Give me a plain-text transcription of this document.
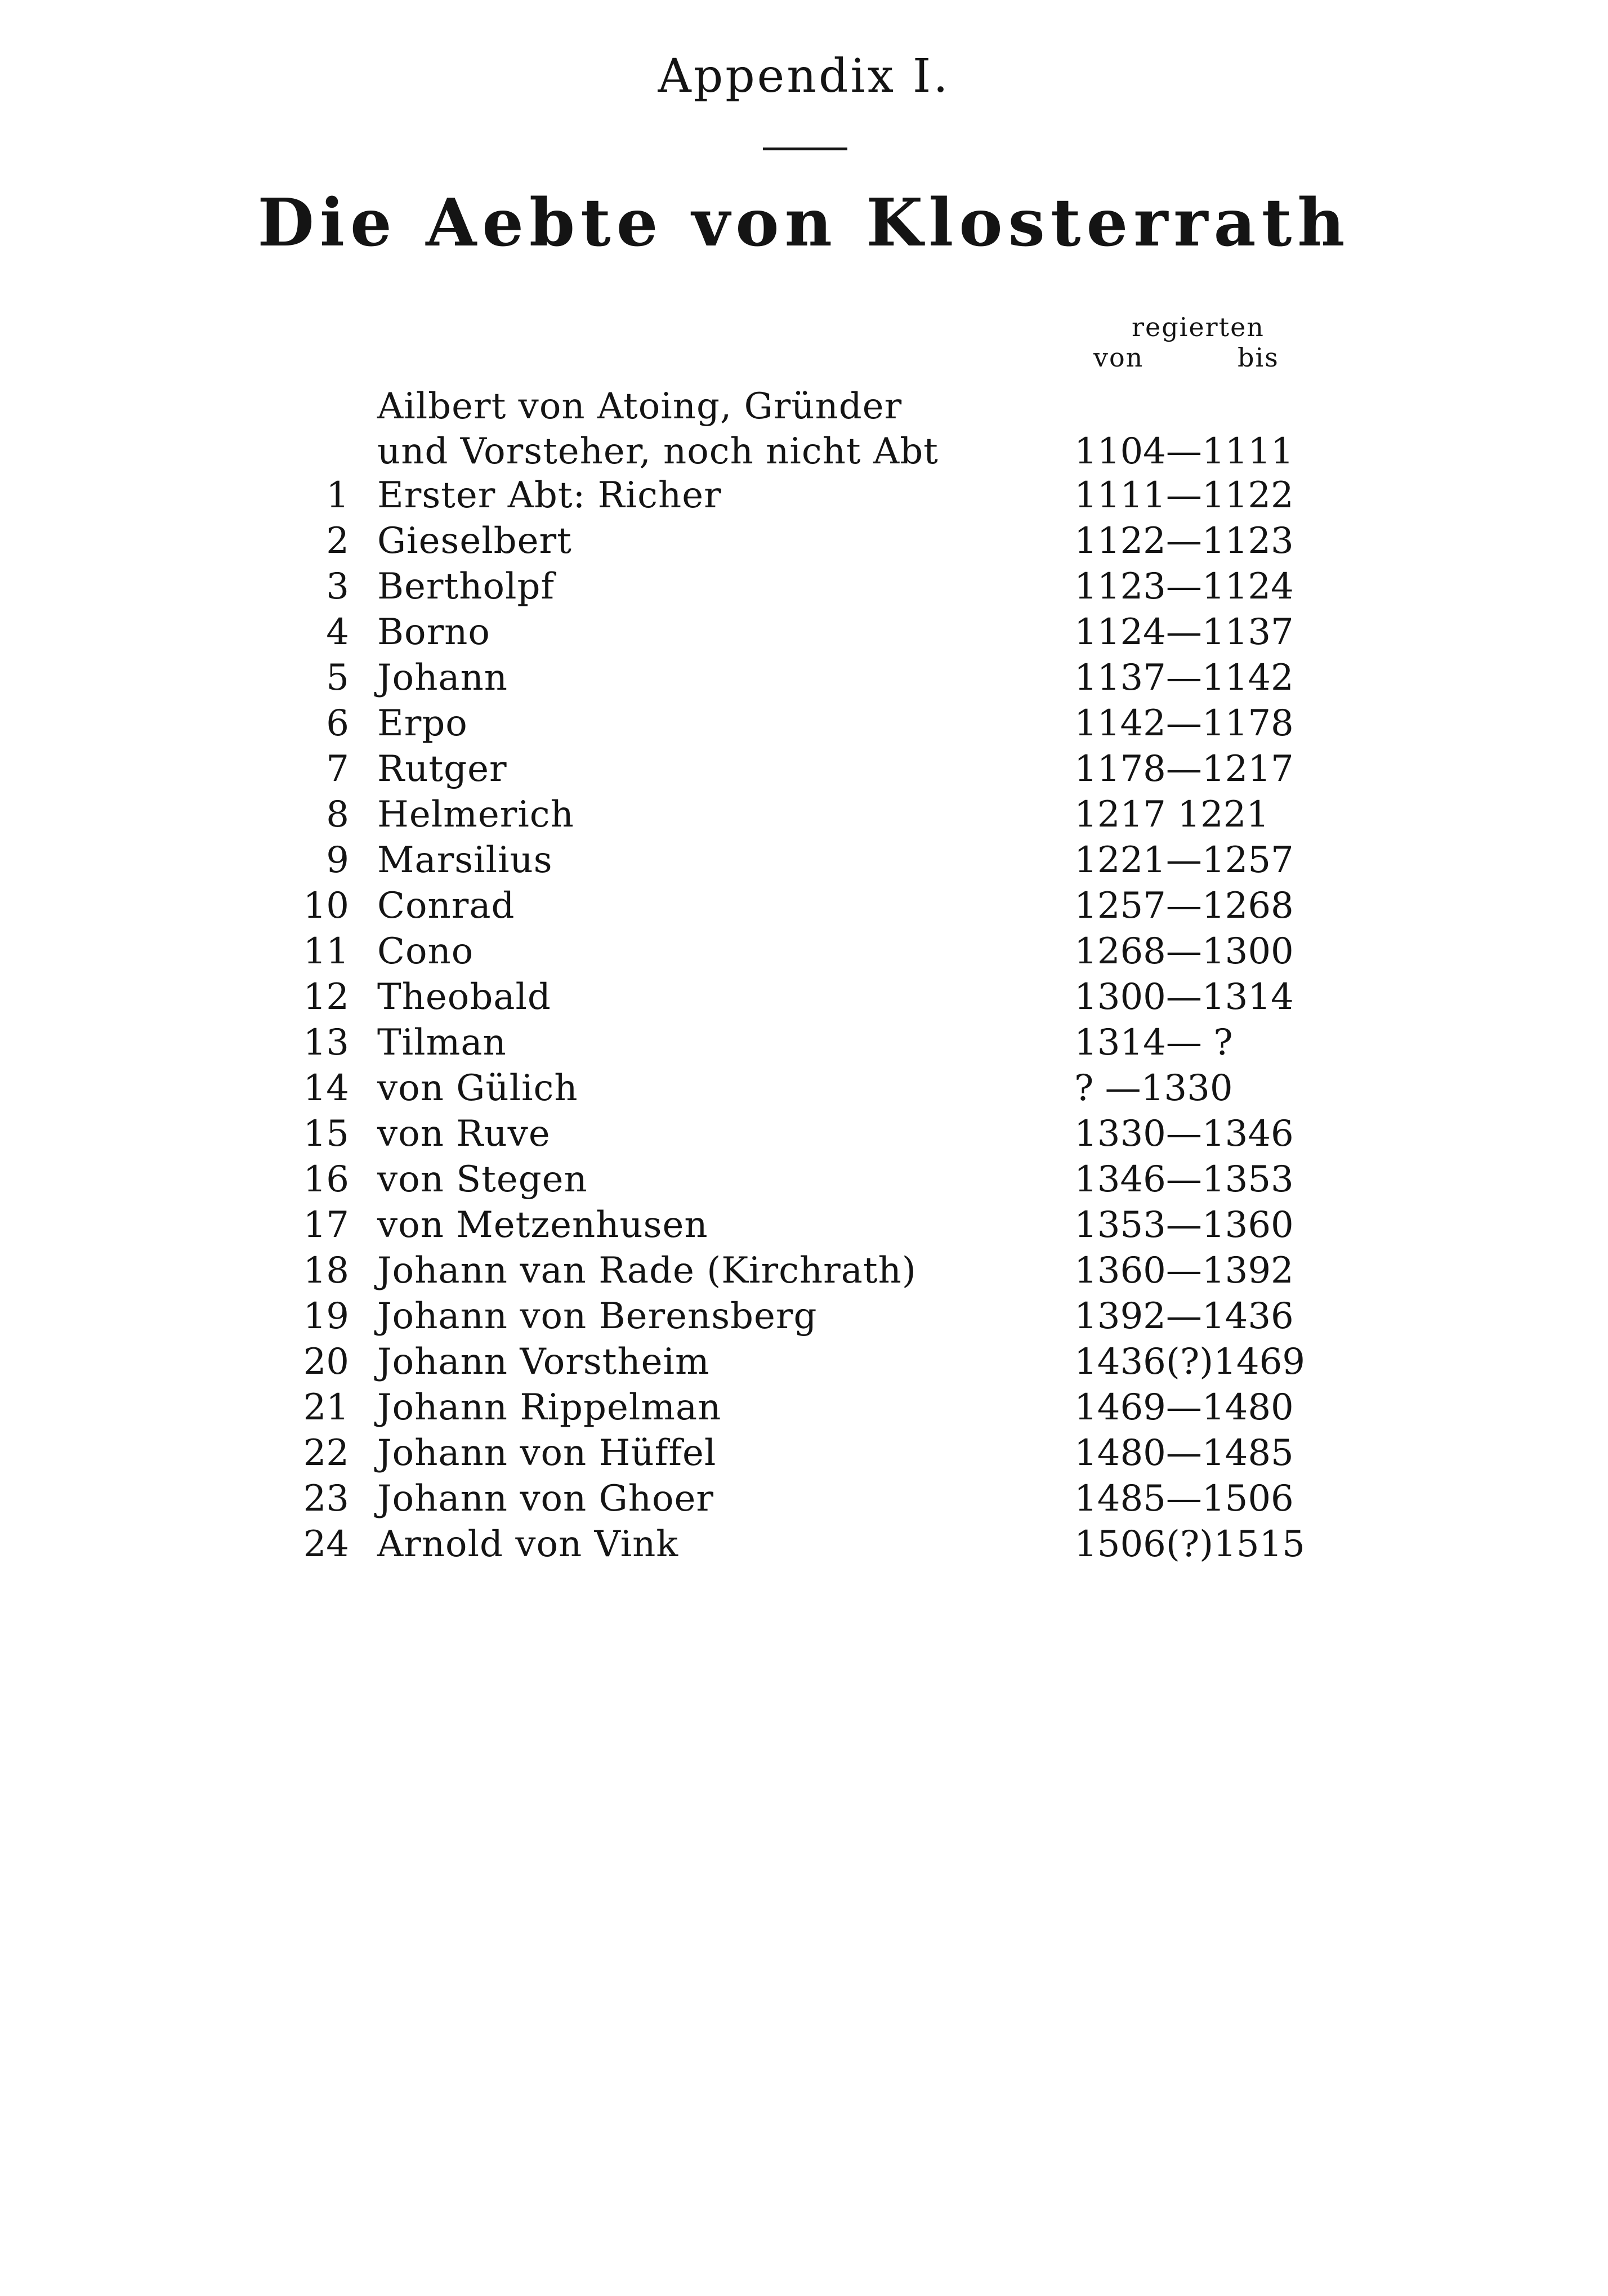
Appendix I.
Die Aebte von Klosterrath
regierten
von	bis
Ailbert von Atoing, Gründer
und Vorsteher, noch nicht Abt	1104—1111
1 Erster Abt: Richer	1111—1122
2 Gieselbert	1122—1123
3 Bertholpf	1123—1124
4 Borno	1124—1137
5 Johann	1137—1142
6 Erpo	1142—1178
7 Rutger	1178—1217
8 Helmerich	1217 1221
9 Marsilius	1221—1257
10 Conrad	1257—1268
11 Cono	1268—1300
12 Theobald	1300—1314
13 Tilman	1314— ?
14 von Gülich	? —1330
15 von Ruve	1330—1346
16 von Stegen	1346—1353
17 von Metzenhusen	1353—1360
18 Johann van Rade (Kirchrath)	1360—1392
19 Johann von Berensberg	1392—1436
20 Johann Vorstheim	1436(?)1469
21 Johann Rippelman	1469—1480
22 Johann von Hüffel	1480—1485
23 Johann von Ghoer	1485—1506
24 Arnold von Vink	1506(?)1515
